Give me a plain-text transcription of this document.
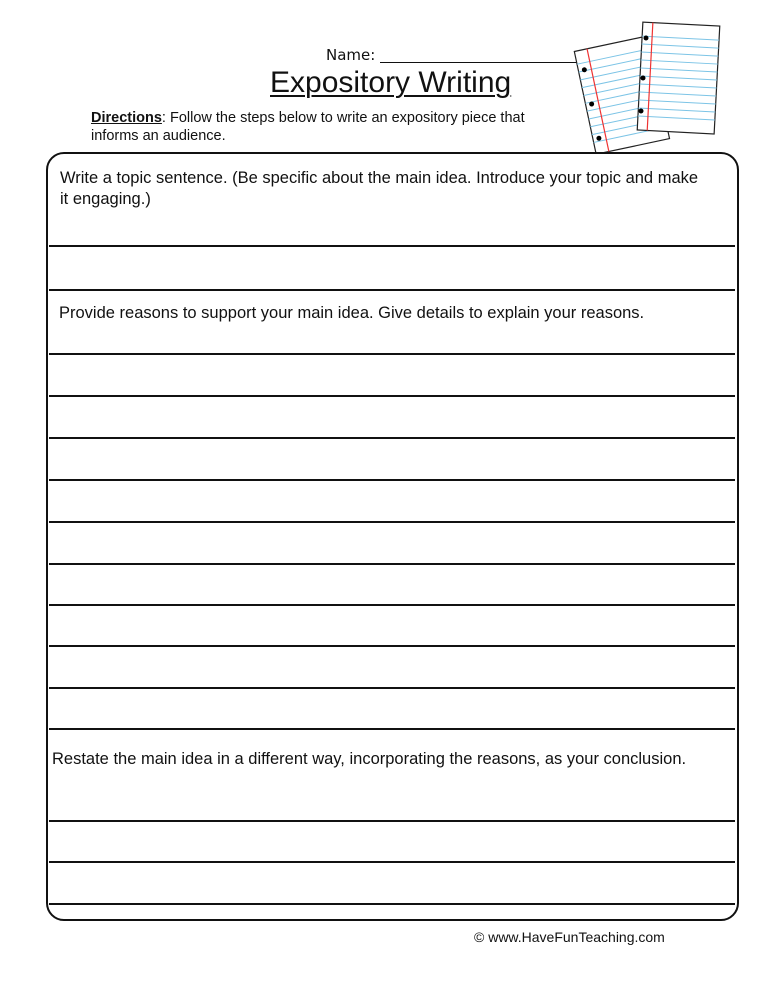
Name:
Expository Writing
Directions: Follow the steps below to write an expository piece that informs an audience.
Write a topic sentence. (Be specific about the main idea. Introduce your topic and make it engaging.)
Provide reasons to support your main idea. Give details to explain your reasons.
Restate the main idea in a different way, incorporating the reasons, as your conclusion.
© www.HaveFunTeaching.com
